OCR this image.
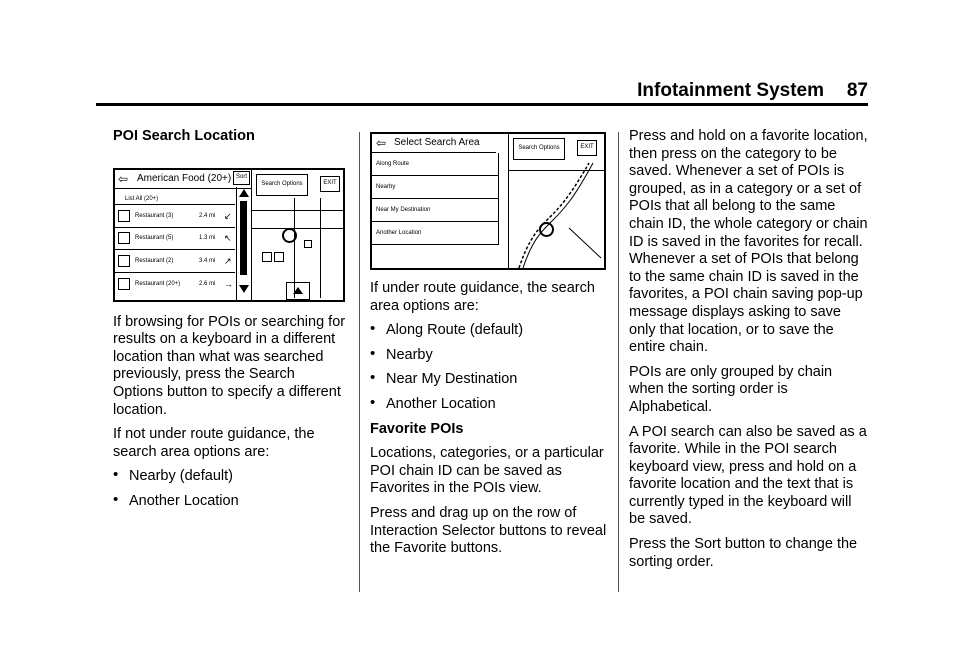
Infotainment System 87
POI Search Location
⇦ American Food (20+) Sort
List All (20+)
Restaurant (3)	2.4 mi ↙
Restaurant (5)	1.3 mi ↖
Restaurant (2)	3.4 mi ↗
Restaurant (20+)	2.6 mi →
Search Options	EXIT

If browsing for POIs or searching for results on a keyboard in a different location than what was searched previously, press the Search Options button to specify a different location.

If not under route guidance, the search area options are:

• Nearby (default)
• Another Location
⇦ Select Search Area
Along Route
Nearby
Near My Destination
Another Location
Search Options	EXIT

If under route guidance, the search area options are:

• Along Route (default)
• Nearby
• Near My Destination
• Another Location
Favorite POIs

Locations, categories, or a particular POI chain ID can be saved as Favorites in the POIs view.

Press and drag up on the row of Interaction Selector buttons to reveal the Favorite buttons.

Press and hold on a favorite location, then press on the category to be saved. Whenever a set of POIs is grouped, as in a category or a set of POIs that all belong to the same chain ID, the whole category or chain ID is saved in the favorites for recall. Whenever a set of POIs that belong to the same chain ID is saved in the favorites, a POI chain saving pop-up message displays asking to save only that location, or to save the entire chain.

POIs are only grouped by chain when the sorting order is Alphabetical.

A POI search can also be saved as a favorite. While in the POI search keyboard view, press and hold on a favorite location and the text that is currently typed in the keyboard will be saved.

Press the Sort button to change the sorting order.
